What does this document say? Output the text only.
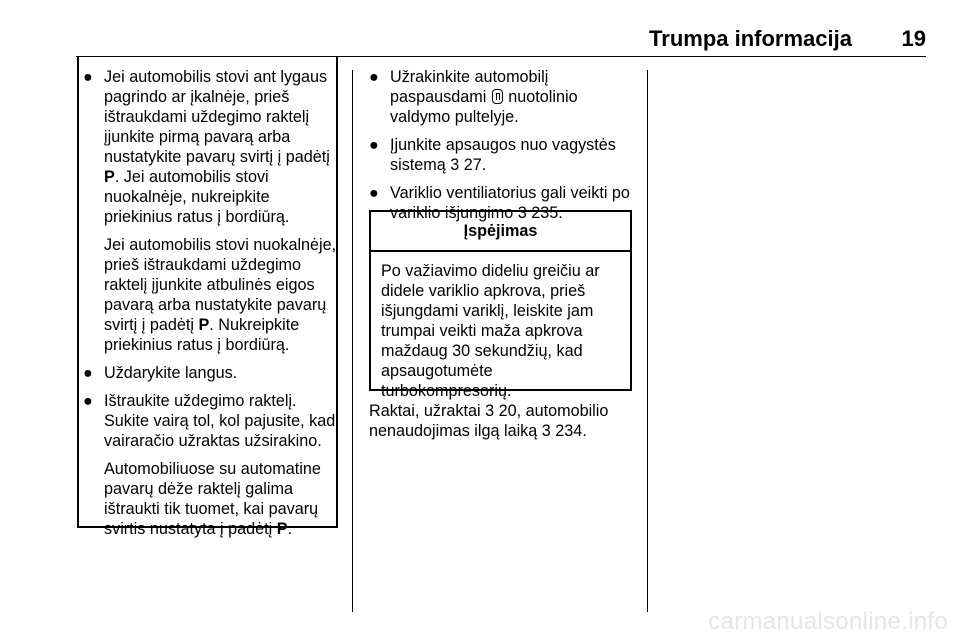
Trumpa informacija 19
● Jei automobilis stovi ant lygaus pagrindo ar įkalnėje, prieš ištraukdami uždegimo raktelį įjunkite pirmą pavarą arba nustatykite pavarų svirtį į padėtį P. Jei automobilis stovi nuokalnėje, nukreipkite priekinius ratus į bordiūrą.
Jei automobilis stovi nuokalnėje, prieš ištraukdami uždegimo raktelį įjunkite atbulinės eigos pavarą arba nustatykite pavarų svirtį į padėtį P. Nukreipkite priekinius ratus į bordiūrą.
● Uždarykite langus.
● Ištraukite uždegimo raktelį. Sukite vairą tol, kol pajusite, kad vairaračio užraktas užsirakino.
Automobiliuose su automatine pavarų dėže raktelį galima ištraukti tik tuomet, kai pavarų svirtis nustatyta į padėtį P.
● Užrakinkite automobilį paspausdami  nuotolinio valdymo pultelyje.
● Įjunkite apsaugos nuo vagystės sistemą 3 27.
● Variklio ventiliatorius gali veikti po variklio išjungimo 3 235.
Įspėjimas
Po važiavimo dideliu greičiu ar didele variklio apkrova, prieš išjungdami variklį, leiskite jam trumpai veikti maža apkrova maždaug 30 sekundžių, kad apsaugotumėte turbokompresorių.
Raktai, užraktai 3 20, automobilio nenaudojimas ilgą laiką 3 234.
carmanualsonline.info
